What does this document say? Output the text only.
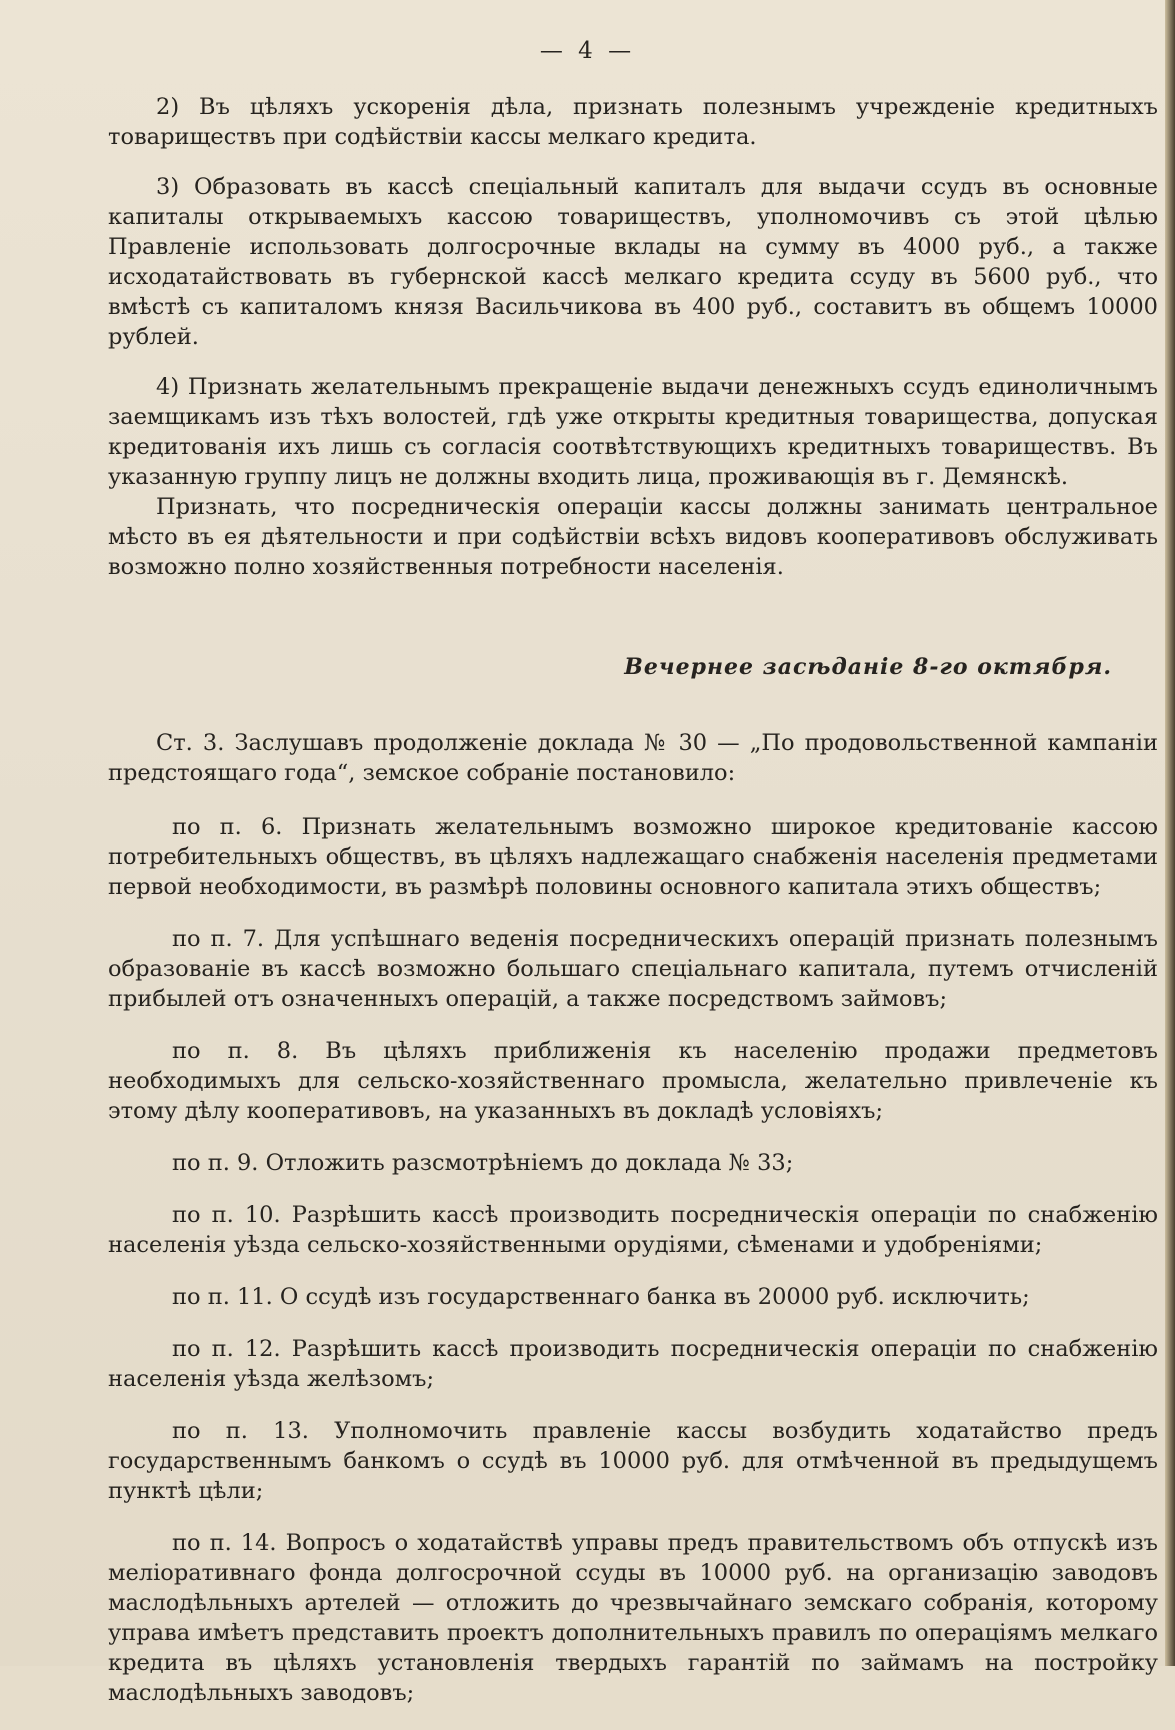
— 4 —

2) Въ цѣляхъ ускоренія дѣла, признать полезнымъ учрежденіе кредитныхъ товарищеcтвъ при содѣйствіи кассы мелкаго кредита.

3) Образовать въ кассѣ спеціальный капиталъ для выдачи ссудъ въ основные капиталы открываемыхъ кассою товариществъ, уполномочивъ съ этой цѣлью Правленіе использовать долгосрочные вклады на сумму въ 4000 руб., а также исходатайствовать въ губернской кассѣ мелкаго кредита ссуду въ 5600 руб., что вмѣстѣ съ капиталомъ князя Васильчикова въ 400 руб., составитъ въ общемъ 10000 рублей.

4) Признать желательнымъ прекращеніе выдачи денежныхъ ссудъ единоличнымъ заемщикамъ изъ тѣхъ волостей, гдѣ уже открыты кредитныя товарищества, допуская кредитованія ихъ лишь съ согласія соотвѣтствующихъ кредитныхъ товариществъ. Въ указанную группу лицъ не должны входить лица, проживающія въ г. Демянскѣ.

Признать, что посредническія операціи кассы должны занимать центральное мѣсто въ ея дѣятельности и при содѣйствіи всѣхъ видовъ кооперативовъ обслуживать возможно полно хозяйственныя потребности населенія.

Вечернее засѣданіе 8-го октября.

Ст. 3. Заслушавъ продолженіе доклада № 30 — „По продовольственной кампаніи предстоящаго года“, земское собраніе постановило:

по п. 6. Признать желательнымъ возможно широкое кредитованіе кассою потребительныхъ обществъ, въ цѣляхъ надлежащаго снабженія населенія предметами первой необходимости, въ размѣрѣ половины основного капитала этихъ обществъ;

по п. 7. Для успѣшнаго веденія посредническихъ операцій признать полезнымъ образованіе въ кассѣ возможно большаго спеціальнаго капитала, путемъ отчисленій прибылей отъ означенныхъ операцій, а также посредствомъ займовъ;

по п. 8. Въ цѣляхъ приближенія къ населенію продажи предметовъ необходимыхъ для сельско-хозяйственнаго промысла, желательно привлеченіе къ этому дѣлу кооперативовъ, на указанныхъ въ докладѣ условіяхъ;

по п. 9. Отложить разсмотрѣніемъ до доклада № 33;

по п. 10. Разрѣшить кассѣ производить посредническія операціи по снабженію населенія уѣзда сельско-хозяйственными орудіями, сѣменами и удобреніями;

по п. 11. О ссудѣ изъ государственнаго банка въ 20000 руб. исключить;

по п. 12. Разрѣшить кассѣ производить посредническія операціи по снабженію населенія уѣзда желѣзомъ;

по п. 13. Уполномочить правленіе кассы возбудить ходатайство предъ государственнымъ банкомъ о ссудѣ въ 10000 руб. для отмѣченной въ предыдущемъ пунктѣ цѣли;

по п. 14. Вопросъ о ходатайствѣ управы предъ правительствомъ объ отпускѣ изъ меліоративнаго фонда долгосрочной ссуды въ 10000 руб. на организацію заводовъ маслодѣльныхъ артелей — отложить до чрезвычайнаго земскаго собранія, которому управа имѣетъ представить проектъ дополнительныхъ правилъ по операціямъ мелкаго кредита въ цѣляхъ установленія твердыхъ гарантій по займамъ на постройку маслодѣльныхъ заводовъ;
